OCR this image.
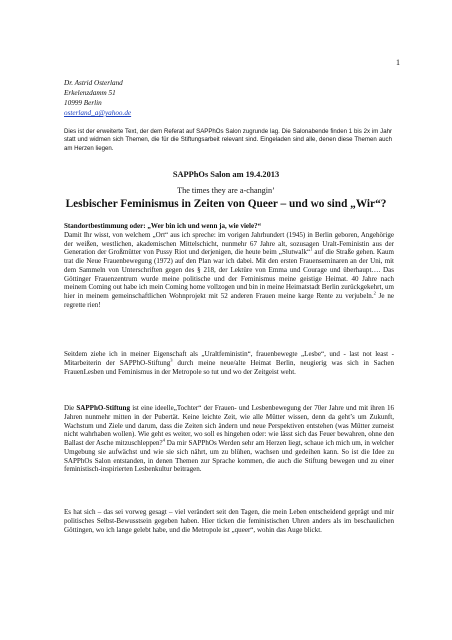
1
Dr. Astrid Osterland
Erkelenzdamm 51
10999 Berlin
osterland_a@yahoo.de
Dies ist der erweiterte Text, der dem Referat auf SAPPhOs Salon zugrunde lag. Die Salonabende finden 1 bis 2x im Jahr statt und widmen sich Themen, die für die Stiftungsarbeit relevant sind. Eingeladen sind alle, denen diese Themen auch am Herzen liegen.
SAPPhOs Salon am 19.4.2013
The times they are a-changin’
Lesbischer Feminismus in Zeiten von Queer – und wo sind „Wir“?
Standortbestimmung oder: „Wer bin ich und wenn ja, wie viele?“
Damit Ihr wisst, von welchem „Ort“ aus ich spreche: im vorigen Jahrhundert (1945) in Berlin geboren, Angehörige der weißen, westlichen, akademischen Mittelschicht, nunmehr 67 Jahre alt, sozusagen Uralt-Feministin aus der Generation der Großmütter von Pussy Riot und derjenigen, die heute beim „Slutwalk“$^1$ auf die Straße gehen. Kaum trat die Neue Frauenbewegung (1972) auf den Plan war ich dabei. Mit den ersten Frauenseminaren an der Uni, mit dem Sammeln von Unterschriften gegen des § 218, der Lektüre von Emma und Courage und überhaupt…. Das Göttinger Frauenzentrum wurde meine politische und der Feminismus meine geistige Heimat. 40 Jahre nach meinem Coming out habe ich mein Coming home vollzogen und bin in meine Heimatstadt Berlin zurückgekehrt, um hier in meinem gemeinschaftlichen Wohnprojekt mit 52 anderen Frauen meine karge Rente zu verjubeln.$^2$ Je ne regrette rien!
Seitdem ziehe ich in meiner Eigenschaft als „Uraltfeministin“, frauenbewegte „Lesbe“, und - last not least - Mitarbeiterin der SAPPhO-Stiftung$^3$ durch meine neue/alte Heimat Berlin, neugierig was sich in Sachen FrauenLesben und Feminismus in der Metropole so tut und wo der Zeitgeist weht.
Die SAPPhO-Stiftung ist eine ideelle„Tochter“ der Frauen- und Lesbenbewegung der 70er Jahre und mit ihren 16 Jahren nunmehr mitten in der Pubertät. Keine leichte Zeit, wie alle Mütter wissen, denn da geht’s um Zukunft, Wachstum und Ziele und darum, dass die Zeiten sich ändern und neue Perspektiven entstehen (was Mütter zumeist nicht wahrhaben wollen). Wie geht es weiter, wo soll es hingehen oder: wie lässt sich das Feuer bewahren, ohne den Ballast der Asche mitzuschleppen?$^4$ Da mir SAPPhOs Werden sehr am Herzen liegt, schaue ich mich um, in welcher Umgebung sie aufwächst und wie sie sich nährt, um zu blühen, wachsen und gedeihen kann. So ist die Idee zu SAPPhOs Salon entstanden, in denen Themen zur Sprache kommen, die auch die Stiftung bewegen und zu einer feministisch-inspirierten Lesbenkultur beitragen.
Es hat sich – das sei vorweg gesagt – viel verändert seit den Tagen, die mein Leben entscheidend geprägt und mir politisches Selbst-Bewusstsein gegeben haben. Hier ticken die feministischen Uhren anders als im beschaulichen Göttingen, wo ich lange gelebt habe, und die Metropole ist „queer“, wohin das Auge blickt.
